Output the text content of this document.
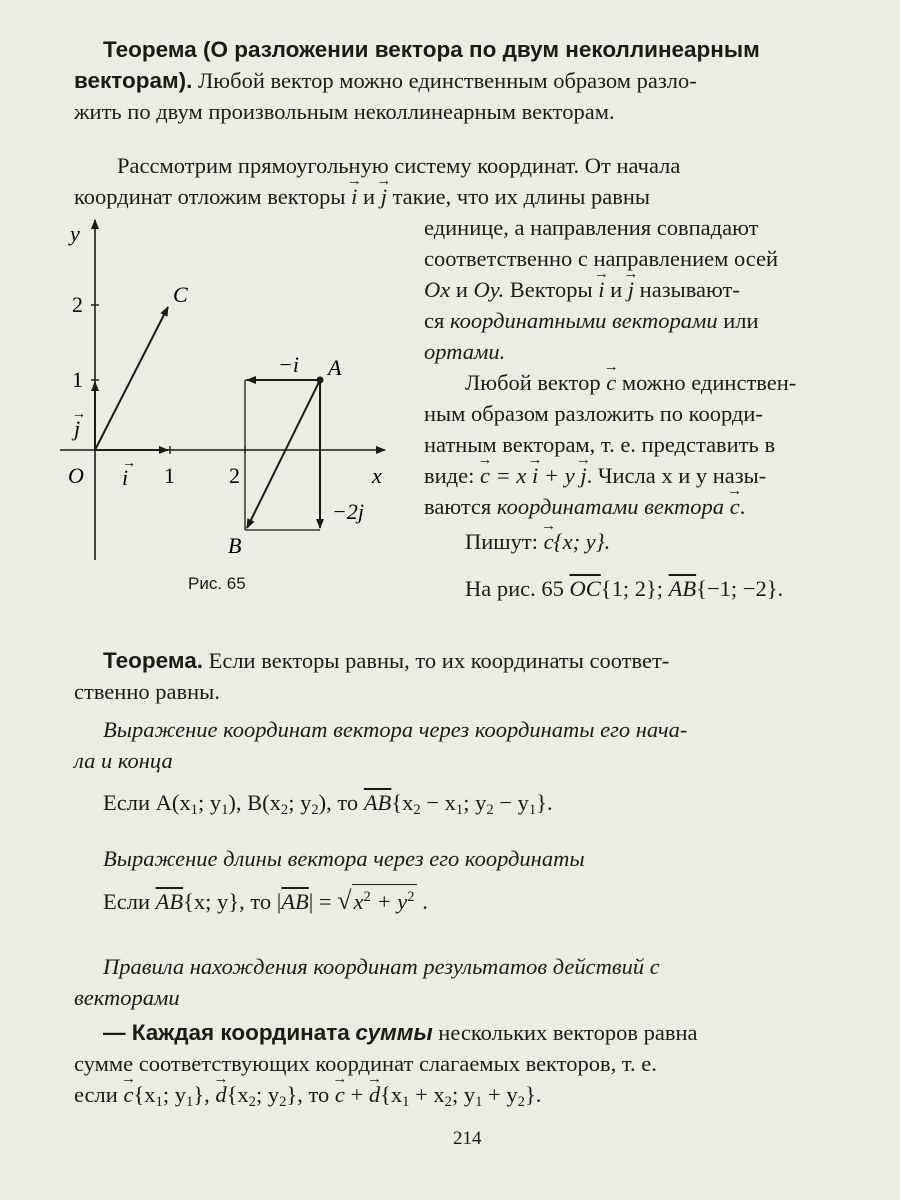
Теорема (О разложении вектора по двум неколлинеарным
векторам). Любой вектор можно единственным образом разло-
жить по двум произвольным неколлинеарным векторам.
Рассмотрим прямоугольную систему координат. От начала
координат отложим векторы → i и → j такие, что их длины равны
единице, а направления совпадают
соответственно с направлением осей
Ox и Oy. Векторы → i и → j называют-
ся координатными векторами или
ортами.
Любой вектор → c можно единствен-
ным образом разложить по коорди-
натным векторам, т. е. представить в
виде: → c = x → i + y → j. Числа x и y назы-
ваются координатами вектора → c.
Пишут: → c{x; y}.
На рис. 65 $\overline{OC}\{1$; 2}; $\overline{AB}\{-1$; −2}.
y
x
O
C
A
B
1 2
1
2
i
→
j
→
−i
−2j
Рис. 65
Теорема. Если векторы равны, то их координаты соответ-
ственно равны.
Выражение координат вектора через координаты его нача-
ла и конца
Если $A(x_1$; $y_1$), $B(x_2$; $y_2$), то $\overline{AB}\{x_2 - x_1$; $y_2 - y_1$}.
Выражение длины вектора через его координаты
Если $\overline{AB}\{x$; y}, то $|\overline{AB}| = √x^2 + y^2$ .
Правила нахождения координат результатов действий с
векторами
— Каждая координата суммы нескольких векторов равна
сумме соответствующих координат слагаемых векторов, т. е.
если → $c\{x_1$; $y_1$}, → $d\{x_2$; $y_2$}, то → c + → $d\{x_1 + x_2$; $y_1 + y_2$}.
214
